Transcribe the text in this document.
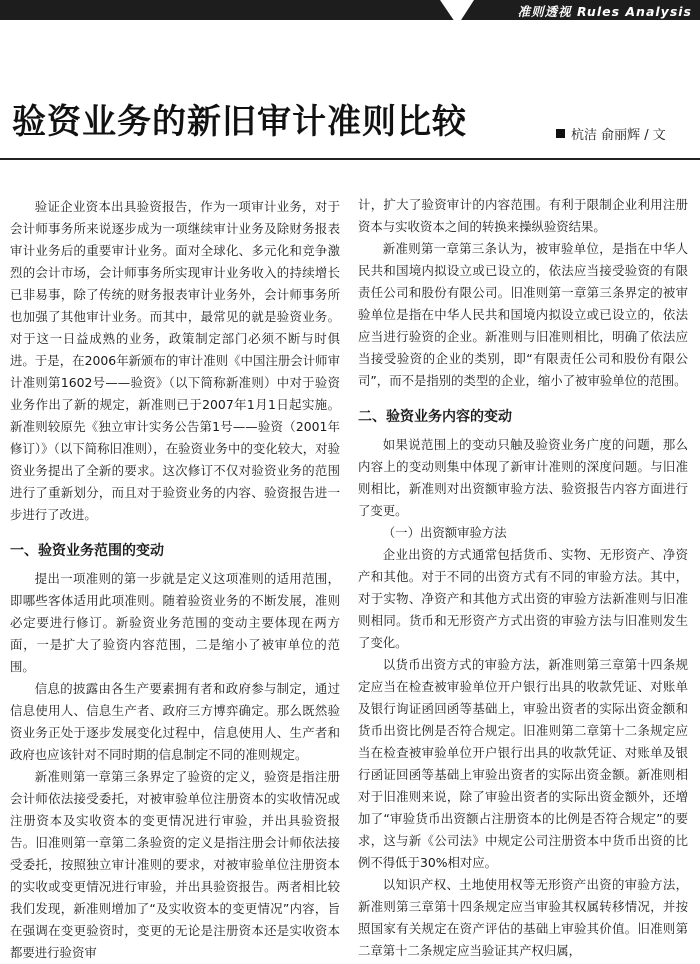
准则透视 Rules Analysis
验资业务的新旧审计准则比较	杭洁 俞丽辉 / 文

验证企业资本出具验资报告，作为一项审计业务，对于会计师事务所来说逐步成为一项继续审计业务及除财务报表审计业务后的重要审计业务。面对全球化、多元化和竞争激烈的会计市场，会计师事务所实现审计业务收入的持续增长已非易事，除了传统的财务报表审计业务外，会计师事务所也加强了其他审计业务。而其中，最常见的就是验资业务。对于这一日益成熟的业务，政策制定部门必须不断与时俱进。于是，在2006年新颁布的审计准则《中国注册会计师审计准则第1602号——验资》（以下简称新准则）中对于验资业务作出了新的规定，新准则已于2007年1月1日起实施。新准则较原先《独立审计实务公告第1号——验资（2001年修订）》（以下简称旧准则），在验资业务中的变化较大，对验资业务提出了全新的要求。这次修订不仅对验资业务的范围进行了重新划分，而且对于验资业务的内容、验资报告进一步进行了改进。

一、验资业务范围的变动

提出一项准则的第一步就是定义这项准则的适用范围，即哪些客体适用此项准则。随着验资业务的不断发展，准则必定要进行修订。新验资业务范围的变动主要体现在两方面，一是扩大了验资内容范围，二是缩小了被审单位的范围。

信息的披露由各生产要素拥有者和政府参与制定，通过信息使用人、信息生产者、政府三方博弈确定。那么既然验资业务正处于逐步发展变化过程中，信息使用人、生产者和政府也应该针对不同时期的信息制定不同的准则规定。

新准则第一章第三条界定了验资的定义，验资是指注册会计师依法接受委托，对被审验单位注册资本的实收情况或注册资本及实收资本的变更情况进行审验，并出具验资报告。旧准则第一章第二条验资的定义是指注册会计师依法接受委托，按照独立审计准则的要求，对被审验单位注册资本的实收或变更情况进行审验，并出具验资报告。两者相比较我们发现，新准则增加了“及实收资本的变更情况”内容，旨在强调在变更验资时，变更的无论是注册资本还是实收资本都要进行验资审

计，扩大了验资审计的内容范围。有利于限制企业利用注册资本与实收资本之间的转换来操纵验资结果。

新准则第一章第三条认为，被审验单位，是指在中华人民共和国境内拟设立或已设立的，依法应当接受验资的有限责任公司和股份有限公司。旧准则第一章第三条界定的被审验单位是指在中华人民共和国境内拟设立或已设立的，依法应当进行验资的企业。新准则与旧准则相比，明确了依法应当接受验资的企业的类别，即“有限责任公司和股份有限公司”，而不是指别的类型的企业，缩小了被审验单位的范围。

二、验资业务内容的变动

如果说范围上的变动只触及验资业务广度的问题，那么内容上的变动则集中体现了新审计准则的深度问题。与旧准则相比，新准则对出资额审验方法、验资报告内容方面进行了变更。

（一）出资额审验方法

企业出资的方式通常包括货币、实物、无形资产、净资产和其他。对于不同的出资方式有不同的审验方法。其中，对于实物、净资产和其他方式出资的审验方法新准则与旧准则相同。货币和无形资产方式出资的审验方法与旧准则发生了变化。

以货币出资方式的审验方法，新准则第三章第十四条规定应当在检查被审验单位开户银行出具的收款凭证、对账单及银行询证函回函等基础上，审验出资者的实际出资金额和货币出资比例是否符合规定。旧准则第二章第十二条规定应当在检查被审验单位开户银行出具的收款凭证、对账单及银行函证回函等基础上审验出资者的实际出资金额。新准则相对于旧准则来说，除了审验出资者的实际出资金额外，还增加了“审验货币出资额占注册资本的比例是否符合规定”的要求，这与新《公司法》中规定公司注册资本中货币出资的比例不得低于30%相对应。

以知识产权、土地使用权等无形资产出资的审验方法，新准则第三章第十四条规定应当审验其权属转移情况，并按照国家有关规定在资产评估的基础上审验其价值。旧准则第二章第十二条规定应当验证其产权归属，
